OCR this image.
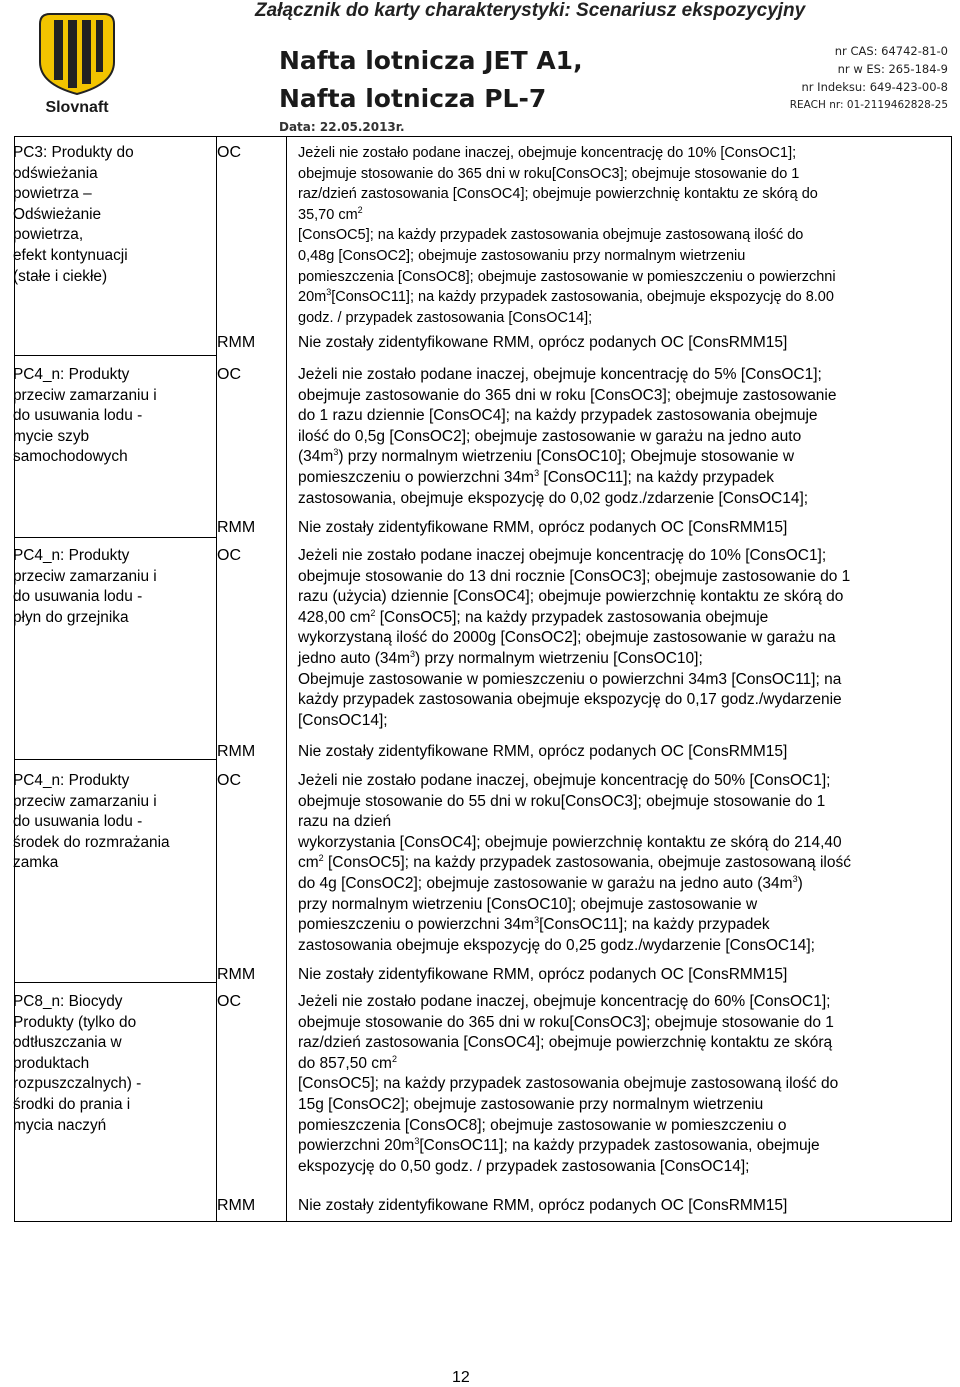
Slovnaft
Załącznik do karty charakterystyki: Scenariusz ekspozycyjny
Nafta lotnicza JET A1,
Nafta lotnicza PL-7
Data: 22.05.2013r.
nr CAS: 64742-81-0
nr w ES: 265-184-9
nr Indeksu: 649-423-00-8
REACH nr: 01-2119462828-25
PC3: Produkty do
odświeżania
powietrza –
Odświeżanie
powietrza,
efekt kontynuacji
(stałe i ciekłe)
OC	Jeżeli nie zostało podane inaczej, obejmuje koncentrację do 10% [ConsOC1];
obejmuje stosowanie do 365 dni w roku[ConsOC3]; obejmuje stosowanie do 1
raz/dzień zastosowania [ConsOC4]; obejmuje powierzchnię kontaktu ze skórą do
35,70 $cm^2$
[ConsOC5]; na każdy przypadek zastosowania obejmuje zastosowaną ilość do
0,48g [ConsOC2]; obejmuje zastosowaniu przy normalnym wietrzeniu
pomieszczenia [ConsOC8]; obejmuje zastosowanie w pomieszczeniu o powierzchni
$20m^3[ConsOC11]$; na każdy przypadek zastosowania, obejmuje ekspozycję do 8.00
godz. / przypadek zastosowania [ConsOC14];
RMM	Nie zostały zidentyfikowane RMM, oprócz podanych OC [ConsRMM15]
PC4_n: Produkty
przeciw zamarzaniu i
do usuwania lodu -
mycie szyb
samochodowych
OC	Jeżeli nie zostało podane inaczej, obejmuje koncentrację do 5% [ConsOC1];
obejmuje zastosowanie do 365 dni w roku [ConsOC3]; obejmuje zastosowanie
do 1 razu dziennie [ConsOC4]; na każdy przypadek zastosowania obejmuje
ilość do 0,5g [ConsOC2]; obejmuje zastosowanie w garażu na jedno auto
$(34m^3)$ przy normalnym wietrzeniu [ConsOC10]; Obejmuje stosowanie w
pomieszczeniu o powierzchni $34m^3$ [ConsOC11]; na każdy przypadek
zastosowania, obejmuje ekspozycję do 0,02 godz./zdarzenie [ConsOC14];
RMM	Nie zostały zidentyfikowane RMM, oprócz podanych OC [ConsRMM15]
PC4_n: Produkty
przeciw zamarzaniu i
do usuwania lodu -
płyn do grzejnika
OC	Jeżeli nie zostało podane inaczej obejmuje koncentrację do 10% [ConsOC1];
obejmuje stosowanie do 13 dni rocznie [ConsOC3]; obejmuje zastosowanie do 1
razu (użycia) dziennie [ConsOC4]; obejmuje powierzchnię kontaktu ze skórą do
428,00 $cm^2$ [ConsOC5]; na każdy przypadek zastosowania obejmuje
wykorzystaną ilość do 2000g [ConsOC2]; obejmuje zastosowanie w garażu na
jedno auto $(34m^3)$ przy normalnym wietrzeniu [ConsOC10];
Obejmuje zastosowanie w pomieszczeniu o powierzchni 34m3 [ConsOC11]; na
każdy przypadek zastosowania obejmuje ekspozycję do 0,17 godz./wydarzenie
[ConsOC14];
RMM	Nie zostały zidentyfikowane RMM, oprócz podanych OC [ConsRMM15]
PC4_n: Produkty
przeciw zamarzaniu i
do usuwania lodu -
środek do rozmrażania
zamka
OC	Jeżeli nie zostało podane inaczej, obejmuje koncentrację do 50% [ConsOC1];
obejmuje stosowanie do 55 dni w roku[ConsOC3]; obejmuje stosowanie do 1
razu na dzień
wykorzystania [ConsOC4]; obejmuje powierzchnię kontaktu ze skórą do 214,40
$cm^2$ [ConsOC5]; na każdy przypadek zastosowania, obejmuje zastosowaną ilość
do 4g [ConsOC2]; obejmuje zastosowanie w garażu na jedno auto $(34m^3)$
przy normalnym wietrzeniu [ConsOC10]; obejmuje zastosowanie w
pomieszczeniu o powierzchni $34m^3[ConsOC11]$; na każdy przypadek
zastosowania obejmuje ekspozycję do 0,25 godz./wydarzenie [ConsOC14];
RMM	Nie zostały zidentyfikowane RMM, oprócz podanych OC [ConsRMM15]
PC8_n: Biocydy
Produkty (tylko do
odtłuszczania w
produktach
rozpuszczalnych) -
środki do prania i
mycia naczyń
OC	Jeżeli nie zostało podane inaczej, obejmuje koncentrację do 60% [ConsOC1];
obejmuje stosowanie do 365 dni w roku[ConsOC3]; obejmuje stosowanie do 1
raz/dzień zastosowania [ConsOC4]; obejmuje powierzchnię kontaktu ze skórą
do 857,50 $cm^2$
[ConsOC5]; na każdy przypadek zastosowania obejmuje zastosowaną ilość do
15g [ConsOC2]; obejmuje zastosowanie przy normalnym wietrzeniu
pomieszczenia [ConsOC8]; obejmuje zastosowanie w pomieszczeniu o
powierzchni $20m^3[ConsOC11]$; na każdy przypadek zastosowania, obejmuje
ekspozycję do 0,50 godz. / przypadek zastosowania [ConsOC14];
RMM	Nie zostały zidentyfikowane RMM, oprócz podanych OC [ConsRMM15]
12
